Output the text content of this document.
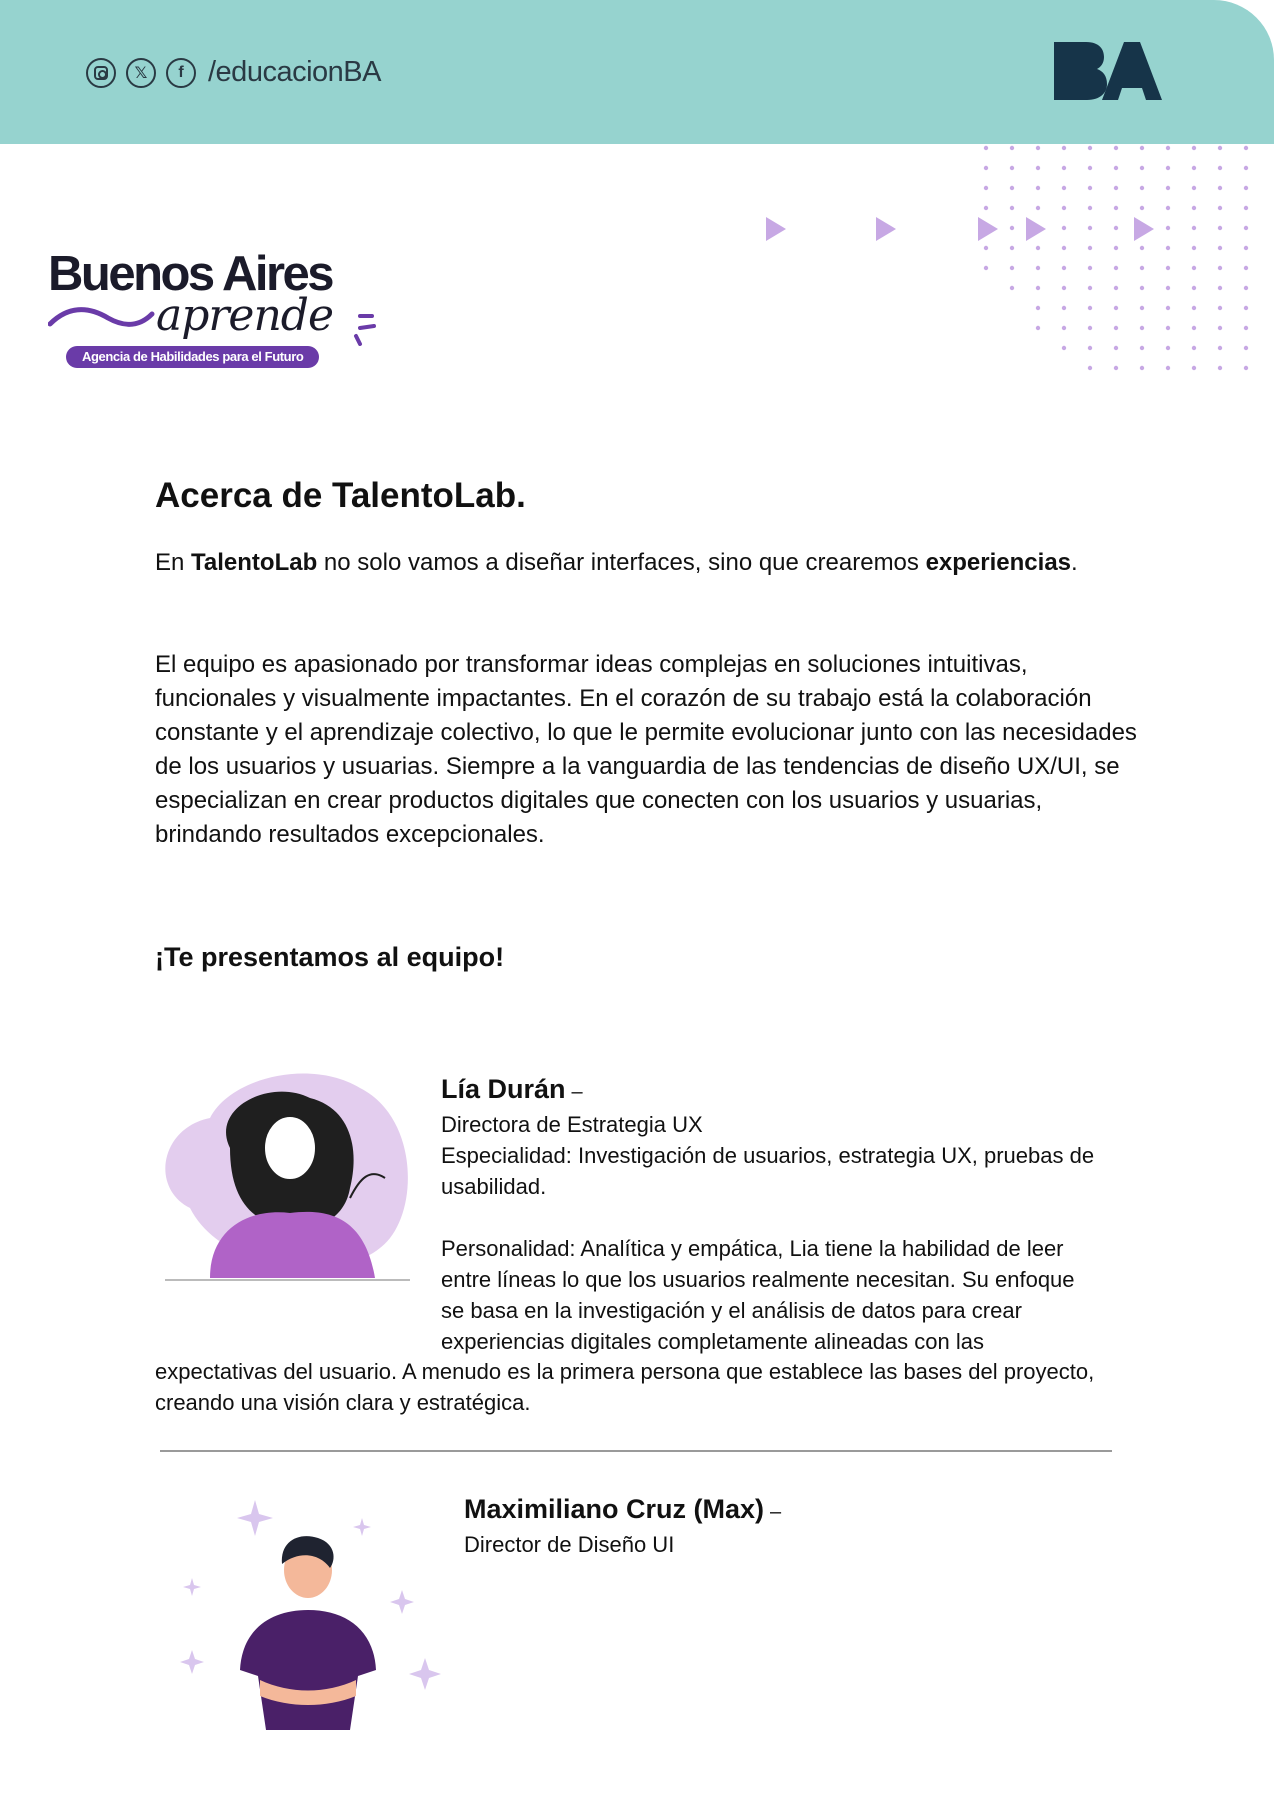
𝕏	f /educacionBA
Buenos Aires
aprende
Agencia de Habilidades para el Futuro
Acerca de TalentoLab.

En TalentoLab no solo vamos a diseñar interfaces, sino que crearemos experiencias.

El equipo es apasionado por transformar ideas complejas en soluciones intuitivas, funcionales y visualmente impactantes. En el corazón de su trabajo está la colaboración constante y el aprendizaje colectivo, lo que le permite evolucionar junto con las necesidades de los usuarios y usuarias. Siempre a la vanguardia de las tendencias de diseño UX/UI, se especializan en crear productos digitales que conecten con los usuarios y usuarias, brindando resultados excepcionales.

¡Te presentamos al equipo!
Lía Durán –
Directora de Estrategia UX
Especialidad: Investigación de usuarios, estrategia UX, pruebas de usabilidad.
Personalidad: Analítica y empática, Lia tiene la habilidad de leer
entre líneas lo que los usuarios realmente necesitan. Su enfoque
se basa en la investigación y el análisis de datos para crear
experiencias digitales completamente alineadas con las
expectativas del usuario. A menudo es la primera persona que establece las bases del proyecto, creando una visión clara y estratégica.
Maximiliano Cruz (Max) –
Director de Diseño UI
